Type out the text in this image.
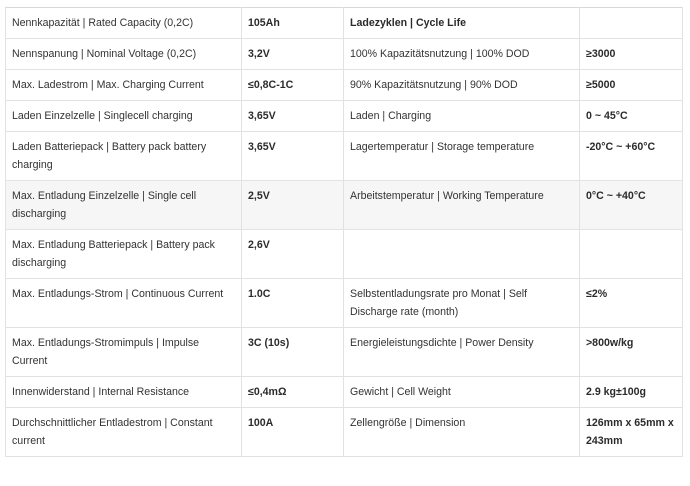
Nennkapazität | Rated Capacity (0,2C)	105Ah	Ladezyklen | Cycle Life	
Nennspanung | Nominal Voltage (0,2C)	3,2V	100% Kapazitätsnutzung | 100% DOD	≥3000
Max. Ladestrom | Max. Charging Current	≤0,8C-1C	90% Kapazitätsnutzung | 90% DOD	≥5000
Laden Einzelzelle | Singlecell charging	3,65V	Laden | Charging	0 ~ 45°C
Laden Batteriepack | Battery pack battery charging	3,65V	Lagertemperatur | Storage temperature	-20°C ~ +60°C
Max. Entladung Einzelzelle | Single cell discharging	2,5V	Arbeitstemperatur | Working Temperature	0°C ~ +40°C
Max. Entladung Batteriepack | Battery pack discharging	2,6V		
Max. Entladungs-Strom | Continuous Current	1.0C	Selbstentladungsrate pro Monat | Self Discharge rate (month)	≤2%
Max. Entladungs-Stromimpuls | Impulse Current	3C (10s)	Energieleistungsdichte | Power Density	>800w/kg
Innenwiderstand | Internal Resistance	≤0,4mΩ	Gewicht | Cell Weight	2.9 kg±100g
Durchschnittlicher Entladestrom | Constant current	100A	Zellengröße | Dimension	126mm x 65mm x 243mm
